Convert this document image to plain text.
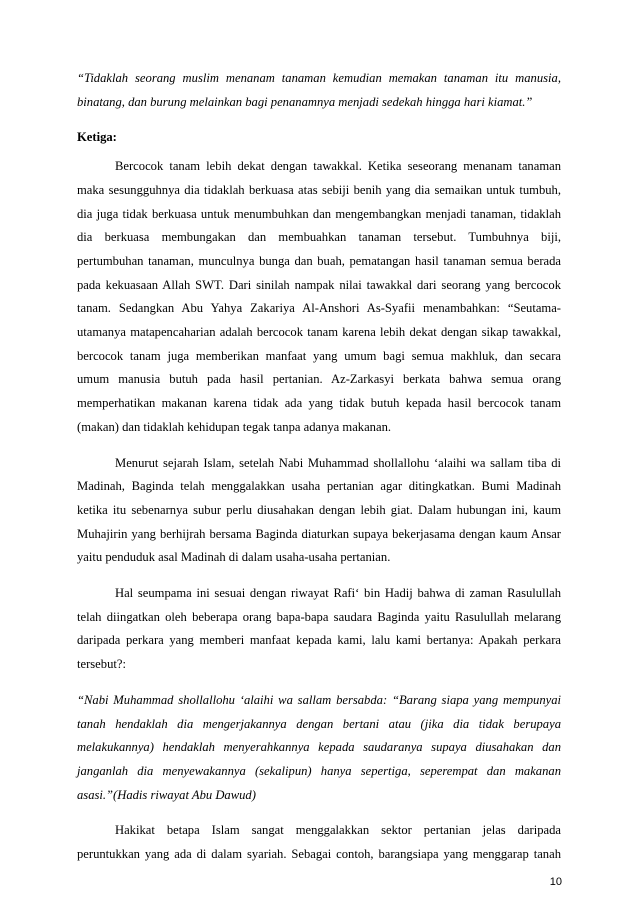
“Tidaklah seorang muslim menanam tanaman kemudian memakan tanaman itu manusia,
binatang, dan burung melainkan bagi penanamnya menjadi sedekah hingga hari kiamat.”
Ketiga:
Bercocok tanam lebih dekat dengan tawakkal. Ketika seseorang menanam tanaman
maka sesungguhnya dia tidaklah berkuasa atas sebiji benih yang dia semaikan untuk tumbuh,
dia juga tidak berkuasa untuk menumbuhkan dan mengembangkan menjadi tanaman, tidaklah
dia berkuasa membungakan dan membuahkan tanaman tersebut. Tumbuhnya biji,
pertumbuhan tanaman, munculnya bunga dan buah, pematangan hasil tanaman semua berada
pada kekuasaan Allah SWT. Dari sinilah nampak nilai tawakkal dari seorang yang bercocok
tanam. Sedangkan Abu Yahya Zakariya Al-Anshori As-Syafii menambahkan: “Seutama-
utamanya matapencaharian adalah bercocok tanam karena lebih dekat dengan sikap tawakkal,
bercocok tanam juga memberikan manfaat yang umum bagi semua makhluk, dan secara
umum manusia butuh pada hasil pertanian. Az-Zarkasyi berkata bahwa semua orang
memperhatikan makanan karena tidak ada yang tidak butuh kepada hasil bercocok tanam
(makan) dan tidaklah kehidupan tegak tanpa adanya makanan.
Menurut sejarah Islam, setelah Nabi Muhammad shollallohu ‘alaihi wa sallam tiba di
Madinah, Baginda telah menggalakkan usaha pertanian agar ditingkatkan. Bumi Madinah
ketika itu sebenarnya subur perlu diusahakan dengan lebih giat. Dalam hubungan ini, kaum
Muhajirin yang berhijrah bersama Baginda diaturkan supaya bekerjasama dengan kaum Ansar
yaitu penduduk asal Madinah di dalam usaha-usaha pertanian.
Hal seumpama ini sesuai dengan riwayat Rafi‘ bin Hadij bahwa di zaman Rasulullah
telah diingatkan oleh beberapa orang bapa-bapa saudara Baginda yaitu Rasulullah melarang
daripada perkara yang memberi manfaat kepada kami, lalu kami bertanya: Apakah perkara
tersebut?:
“Nabi Muhammad shollallohu ‘alaihi wa sallam bersabda: “Barang siapa yang mempunyai
tanah hendaklah dia mengerjakannya dengan bertani atau (jika dia tidak berupaya
melakukannya) hendaklah menyerahkannya kepada saudaranya supaya diusahakan dan
janganlah dia menyewakannya (sekalipun) hanya sepertiga, seperempat dan makanan
asasi.”(Hadis riwayat Abu Dawud)
Hakikat betapa Islam sangat menggalakkan sektor pertanian jelas daripada
peruntukkan yang ada di dalam syariah. Sebagai contoh, barangsiapa yang menggarap tanah
10
